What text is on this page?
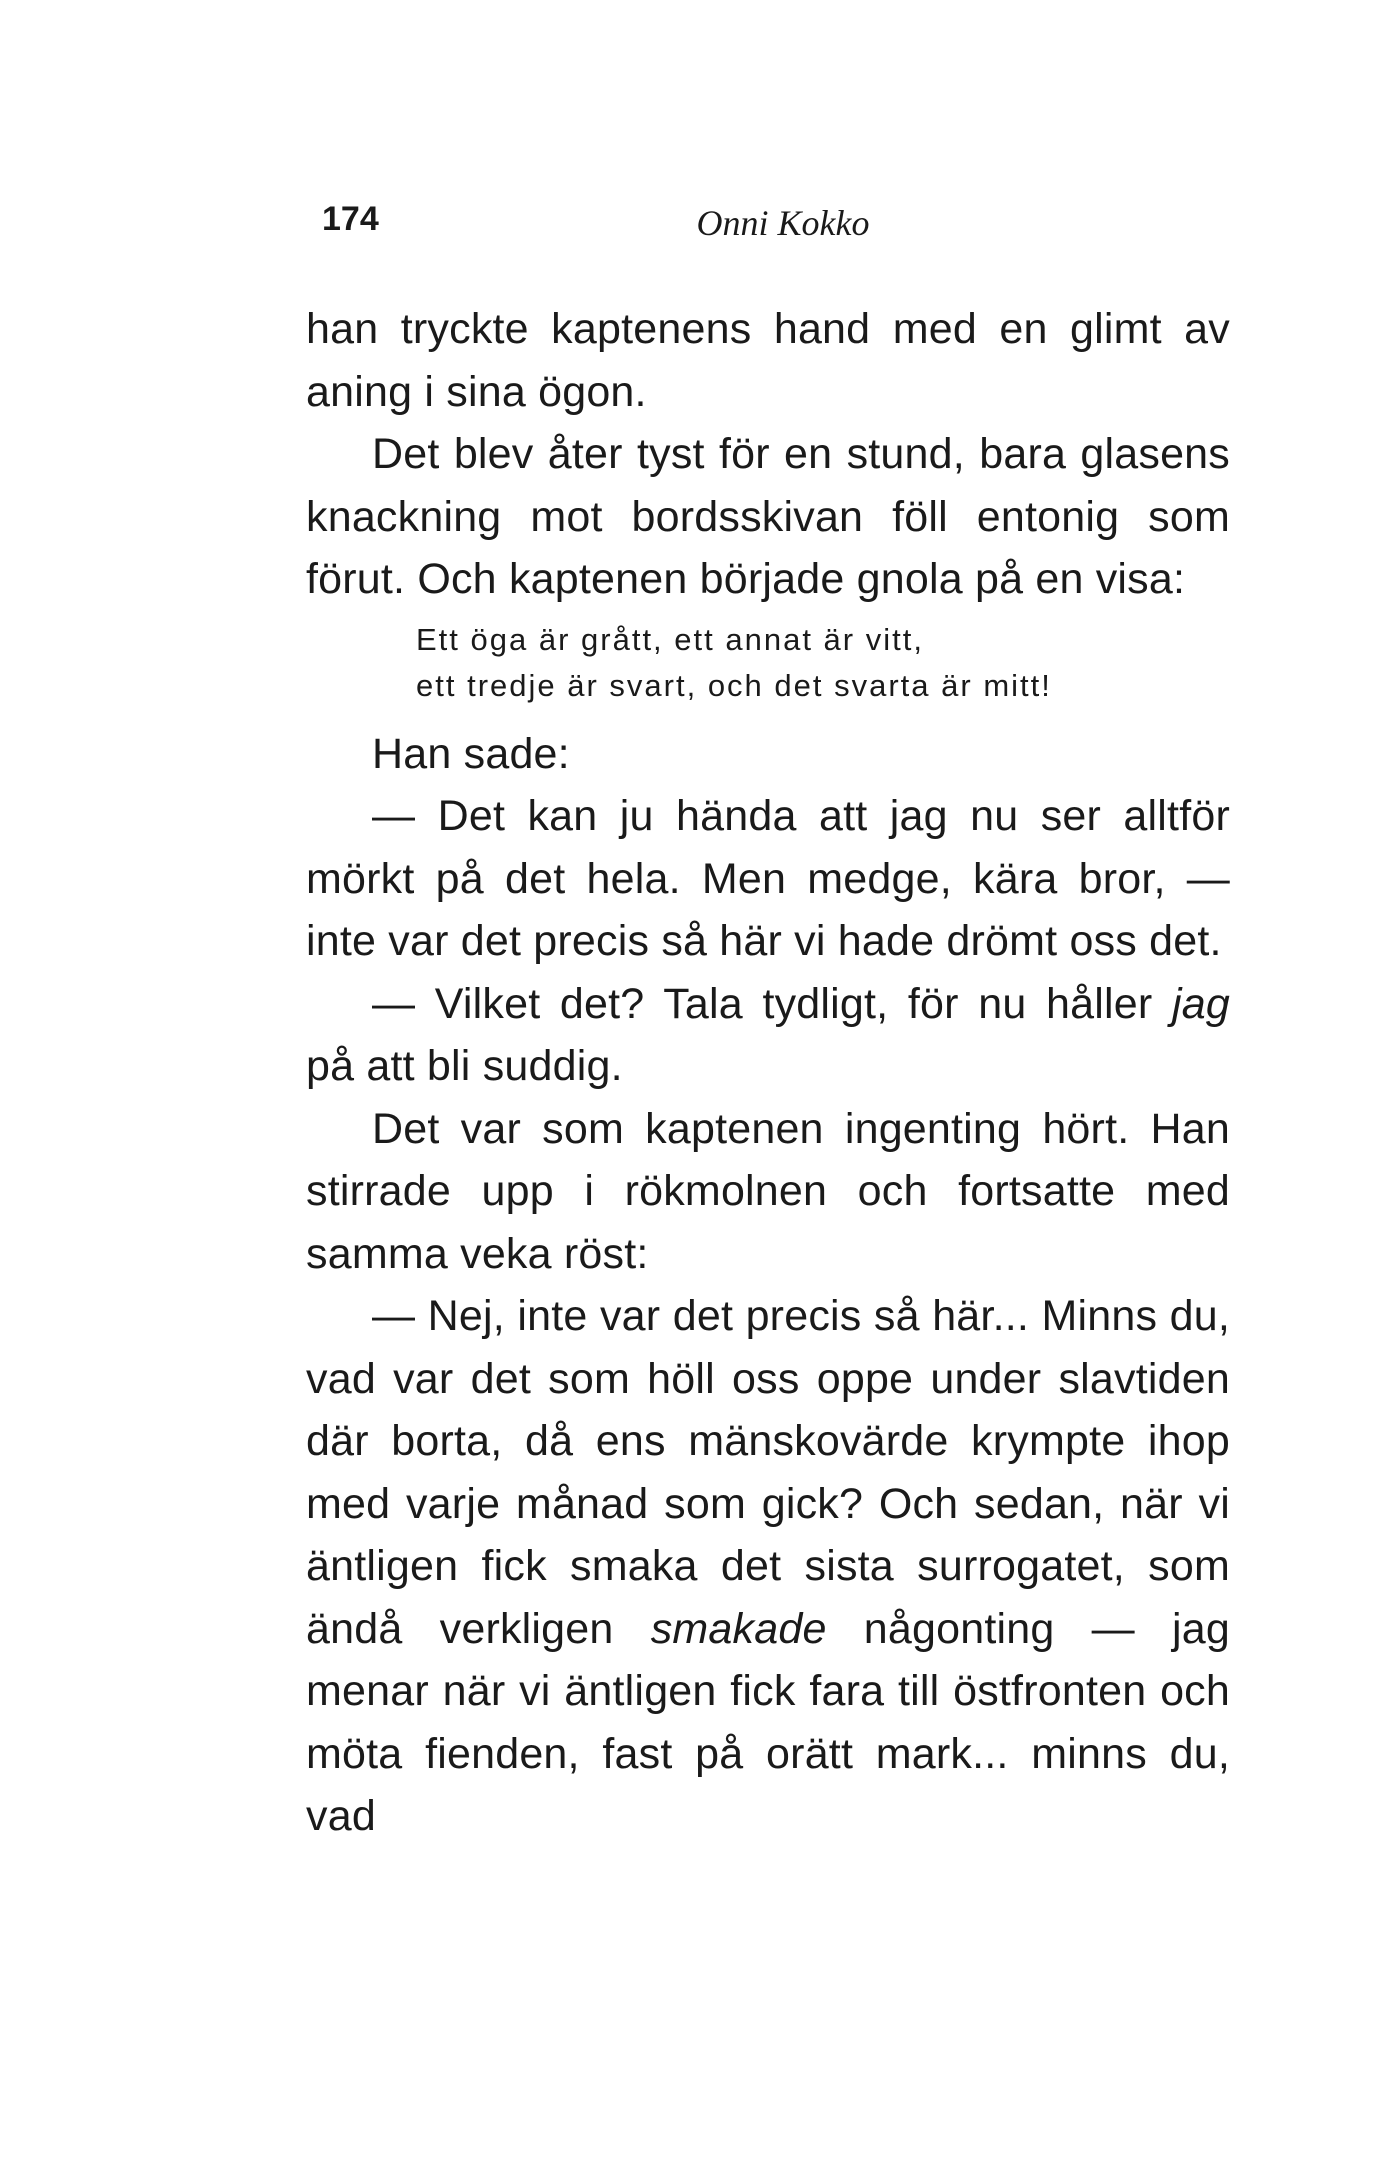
174	Onni Kokko

han tryckte kaptenens hand med en glimt av aning i sina ögon.

Det blev åter tyst för en stund, bara glasens knackning mot bordsskivan föll entonig som förut. Och kaptenen började gnola på en visa:

Ett öga är grått, ett annat är vitt,
ett tredje är svart, och det svarta är mitt!

Han sade:

— Det kan ju hända att jag nu ser alltför mörkt på det hela. Men medge, kära bror, — inte var det precis så här vi hade drömt oss det.

— Vilket det? Tala tydligt, för nu håller jag på att bli suddig.

Det var som kaptenen ingenting hört. Han stirrade upp i rökmolnen och fortsatte med samma veka röst:

— Nej, inte var det precis så här... Minns du, vad var det som höll oss oppe under slavtiden där borta, då ens mänskovärde krympte ihop med varje månad som gick? Och sedan, när vi äntligen fick smaka det sista surrogatet, som ändå verkligen smakade någonting — jag menar när vi äntligen fick fara till östfronten och möta fienden, fast på orätt mark... minns du, vad
